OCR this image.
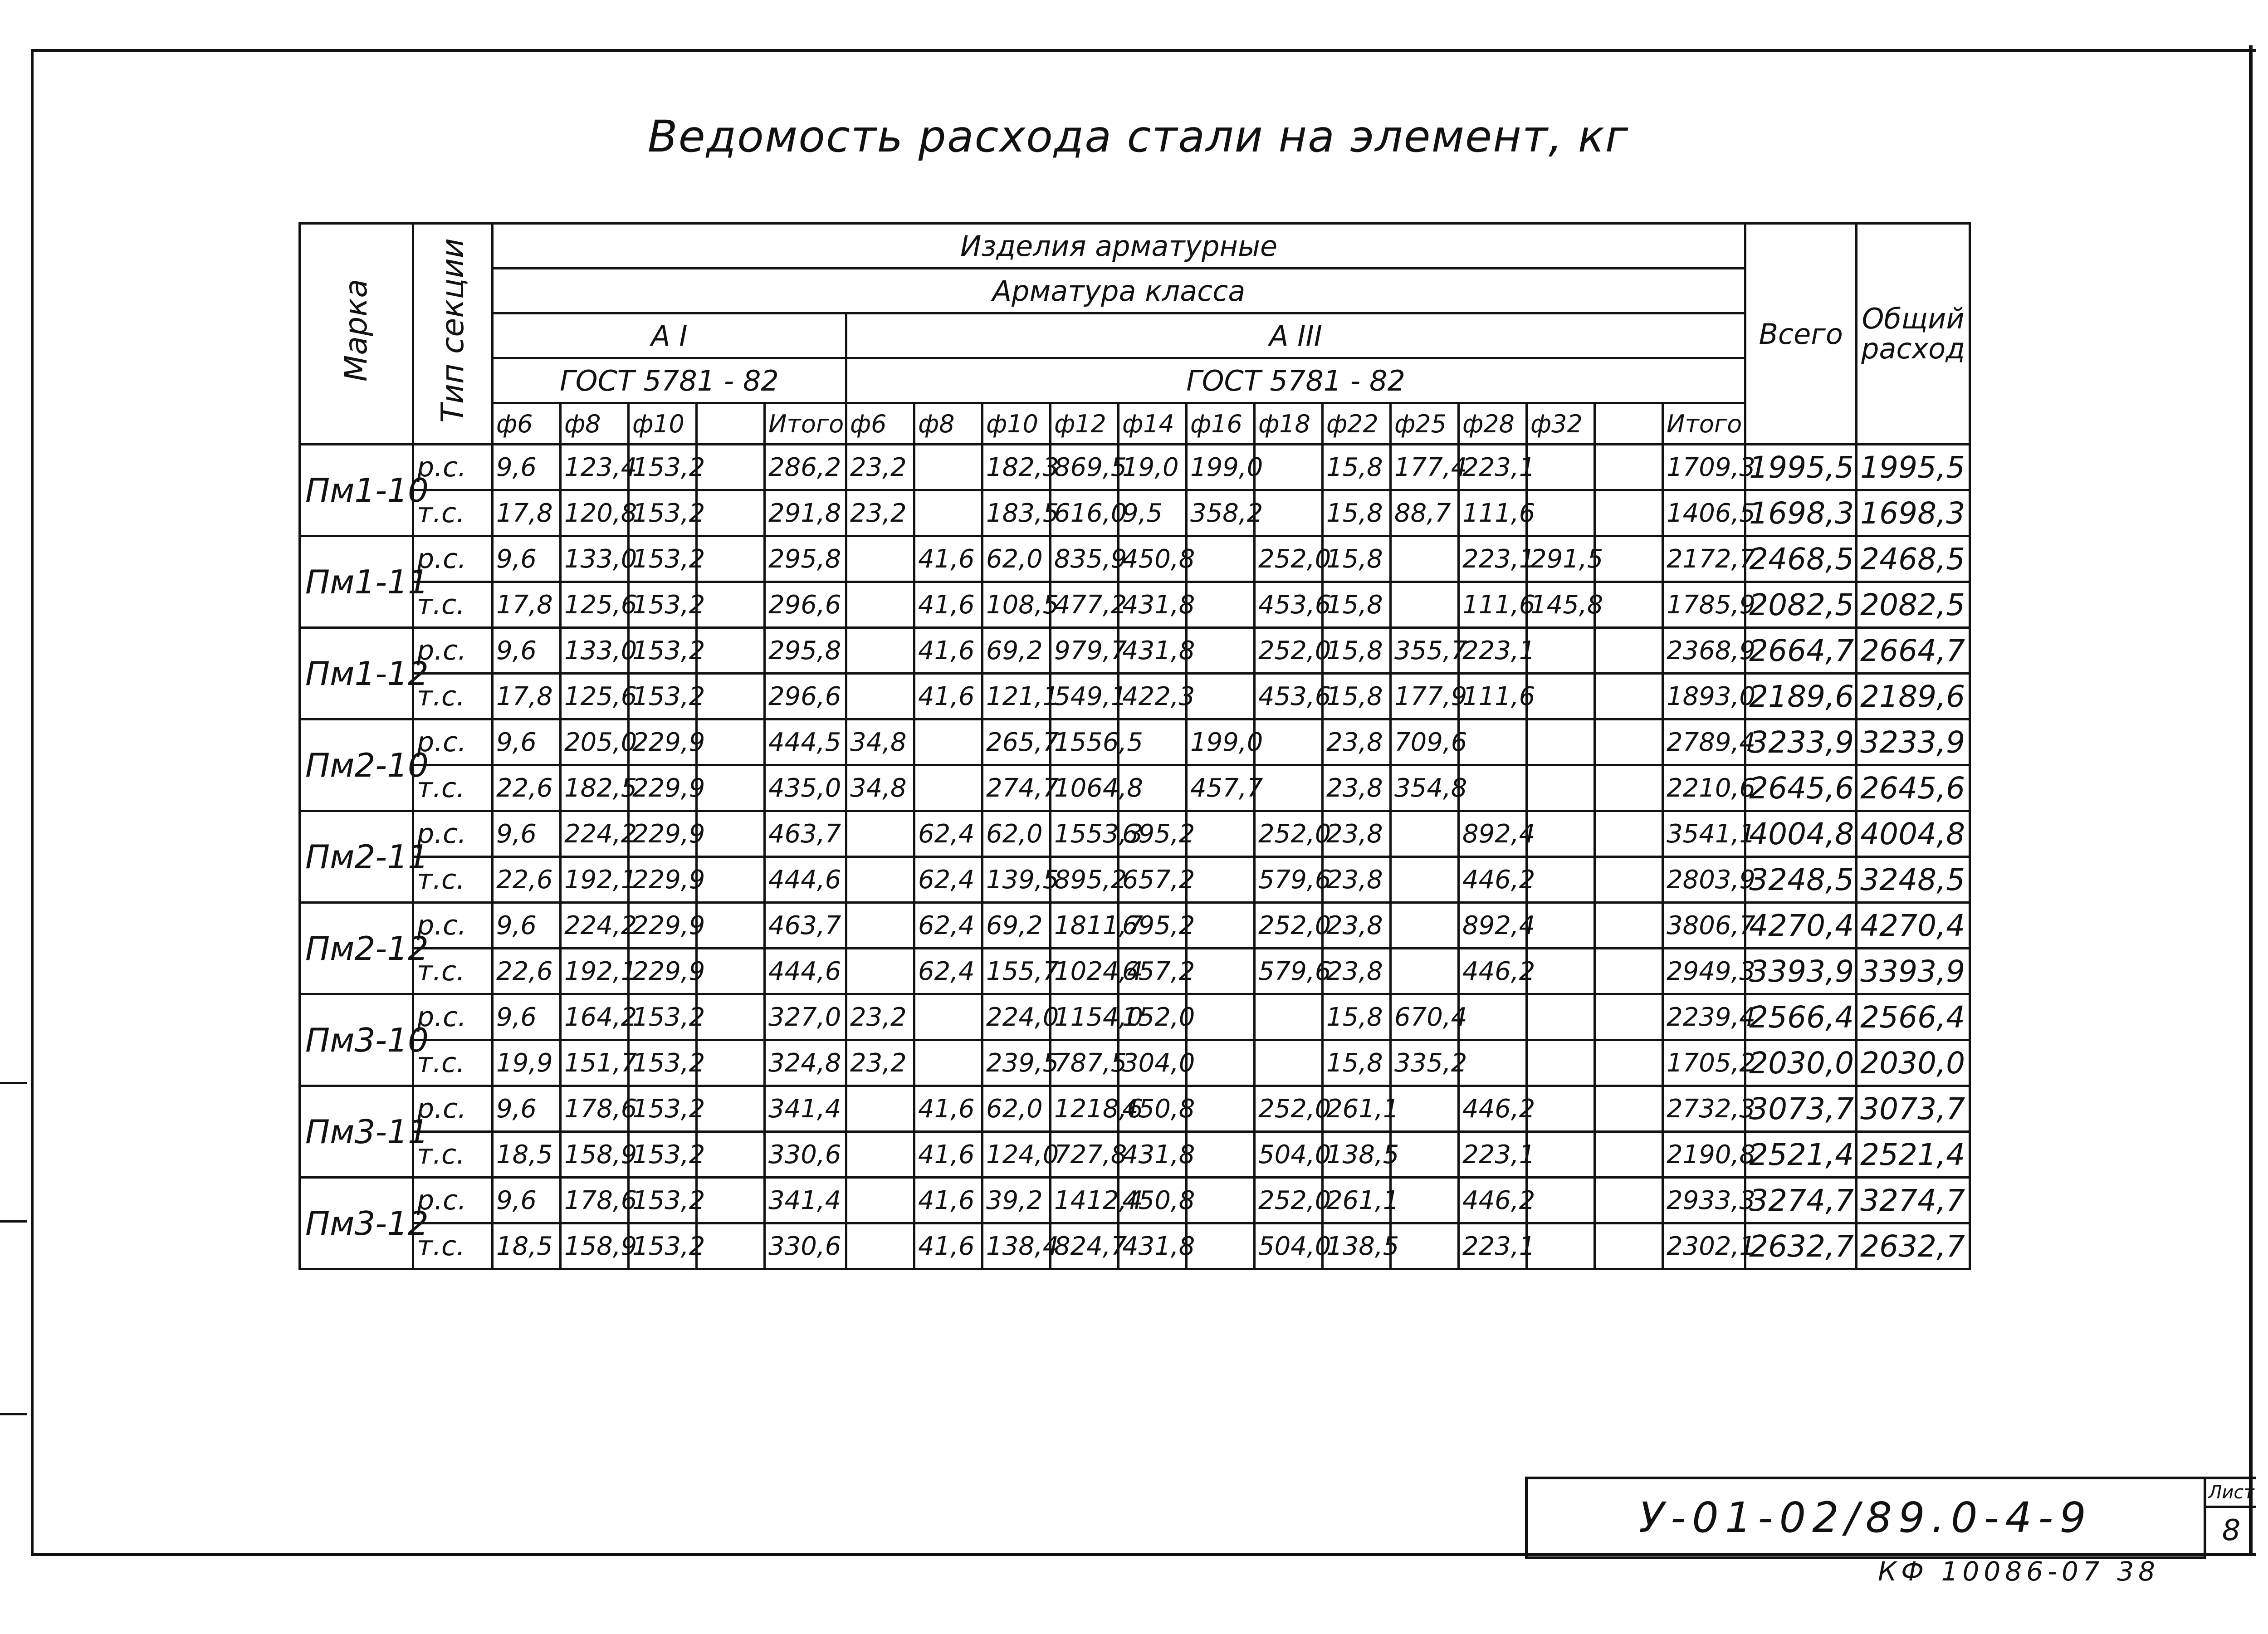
Ведомость расхода стали на элемент, кг
Марка	Тип секции	Изделия арматурные																		Всего	Общий расход
		Арматура класса																			
		A I					A III														
		ГОСТ 5781 - 82					ГОСТ 5781 - 82														
		ф6	ф8	ф10		Итого	ф6	ф8	ф10	ф12	ф14	ф16	ф18	ф22	ф25	ф28	ф32		Итого		
Пм1-10	р.с.	9,6	123,4	153,2		286,2	23,2		182,3	869,5	19,0	199,0		15,8	177,4	223,1			1709,3	1995,5	1995,5
	т.с.	17,8	120,8	153,2		291,8	23,2		183,5	616,0	9,5	358,2		15,8	88,7	111,6			1406,5	1698,3	1698,3
Пм1-11	р.с.	9,6	133,0	153,2		295,8		41,6	62,0	835,9	450,8		252,0	15,8		223,1	291,5		2172,7	2468,5	2468,5
	т.с.	17,8	125,6	153,2		296,6		41,6	108,5	477,2	431,8		453,6	15,8		111,6	145,8		1785,9	2082,5	2082,5
Пм1-12	р.с.	9,6	133,0	153,2		295,8		41,6	69,2	979,7	431,8		252,0	15,8	355,7	223,1			2368,9	2664,7	2664,7
	т.с.	17,8	125,6	153,2		296,6		41,6	121,1	549,1	422,3		453,6	15,8	177,9	111,6			1893,0	2189,6	2189,6
Пм2-10	р.с.	9,6	205,0	229,9		444,5	34,8		265,7	1556,5		199,0		23,8	709,6				2789,4	3233,9	3233,9
	т.с.	22,6	182,5	229,9		435,0	34,8		274,7	1064,8		457,7		23,8	354,8				2210,6	2645,6	2645,6
Пм2-11	р.с.	9,6	224,2	229,9		463,7		62,4	62,0	1553,3	695,2		252,0	23,8		892,4			3541,1	4004,8	4004,8
	т.с.	22,6	192,1	229,9		444,6		62,4	139,5	895,2	657,2		579,6	23,8		446,2			2803,9	3248,5	3248,5
Пм2-12	р.с.	9,6	224,2	229,9		463,7		62,4	69,2	1811,7	695,2		252,0	23,8		892,4			3806,7	4270,4	4270,4
	т.с.	22,6	192,1	229,9		444,6		62,4	155,7	1024,4	657,2		579,6	23,8		446,2			2949,3	3393,9	3393,9
Пм3-10	р.с.	9,6	164,2	153,2		327,0	23,2		224,0	1154,0	152,0			15,8	670,4				2239,4	2566,4	2566,4
	т.с.	19,9	151,7	153,2		324,8	23,2		239,5	787,5	304,0			15,8	335,2				1705,2	2030,0	2030,0
Пм3-11	р.с.	9,6	178,6	153,2		341,4		41,6	62,0	1218,6	450,8		252,0	261,1		446,2			2732,3	3073,7	3073,7
	т.с.	18,5	158,9	153,2		330,6		41,6	124,0	727,8	431,8		504,0	138,5		223,1			2190,8	2521,4	2521,4
Пм3-12	р.с.	9,6	178,6	153,2		341,4		41,6	39,2	1412,4	450,8		252,0	261,1		446,2			2933,3	3274,7	3274,7
	т.с.	18,5	158,9	153,2		330,6		41,6	138,4	824,7	431,8		504,0	138,5		223,1			2302,1	2632,7	2632,7
У-01-02/89.0-4-9
Лист
8
КФ 10086-07 38
